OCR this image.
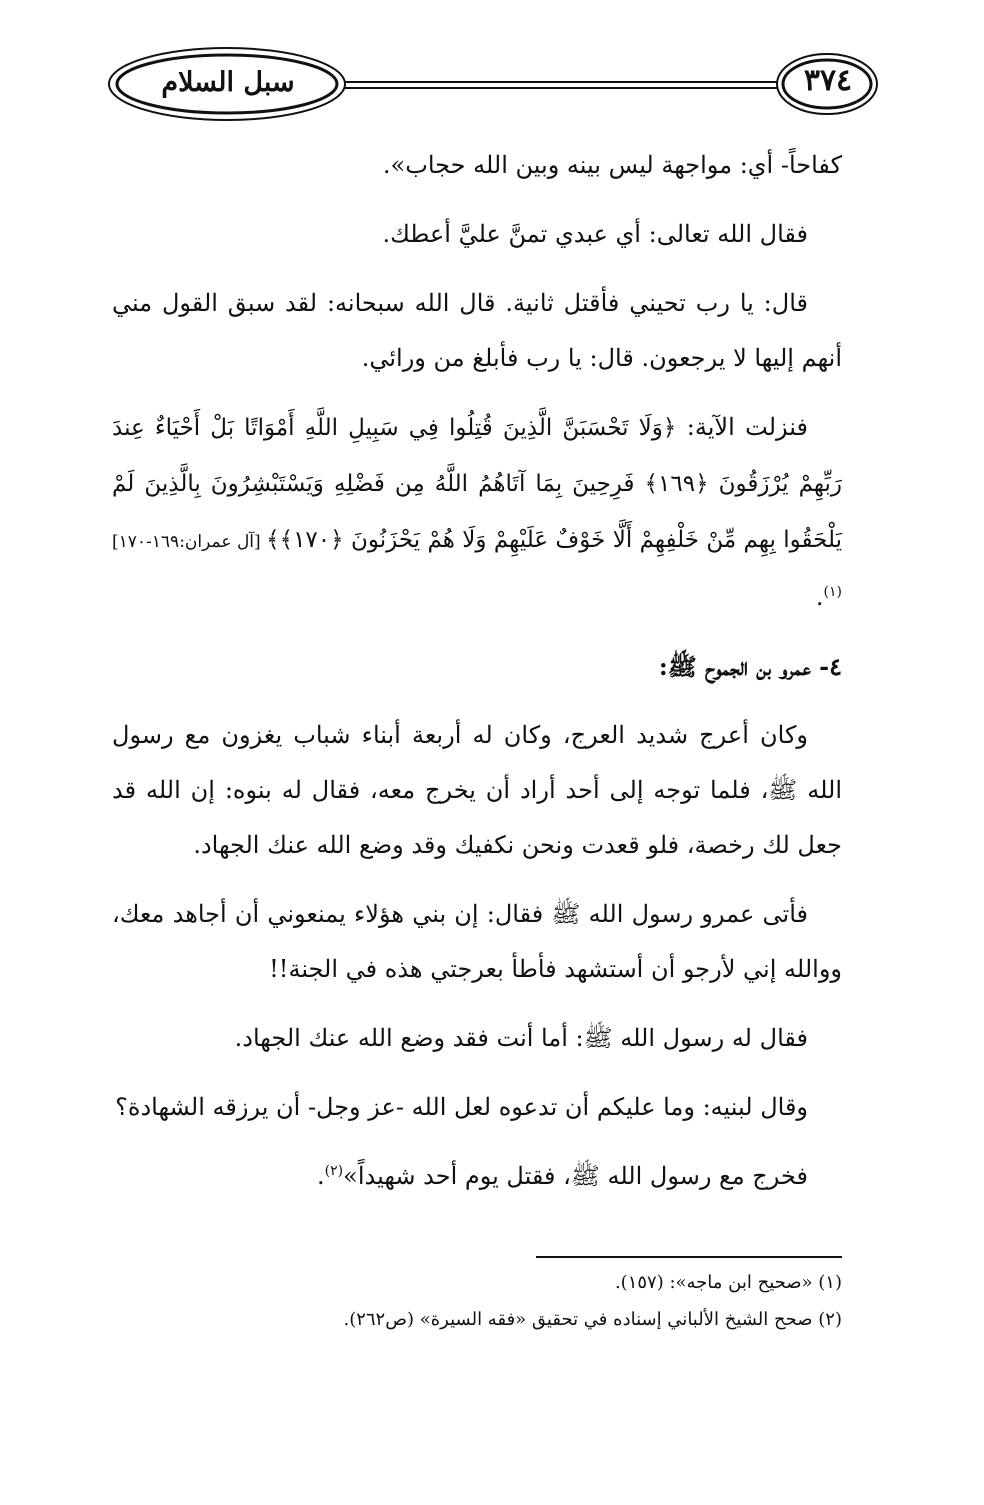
٣٧٤
سبل السلام

كفاحاً- أي: مواجهة ليس بينه وبين الله حجاب».

فقال الله تعالى: أي عبدي تمنَّ عليَّ أعطك.

قال: يا رب تحيني فأقتل ثانية. قال الله سبحانه: لقد سبق القول مني أنهم إليها لا يرجعون. قال: يا رب فأبلغ من ورائي.

فنزلت الآية: ﴿وَلَا تَحْسَبَنَّ الَّذِينَ قُتِلُوا فِي سَبِيلِ اللَّهِ أَمْوَاتًا بَلْ أَحْيَاءٌ عِندَ رَبِّهِمْ يُرْزَقُونَ ﴿١٦٩﴾ فَرِحِينَ بِمَا آتَاهُمُ اللَّهُ مِن فَضْلِهِ وَيَسْتَبْشِرُونَ بِالَّذِينَ لَمْ يَلْحَقُوا بِهِم مِّنْ خَلْفِهِمْ أَلَّا خَوْفٌ عَلَيْهِمْ وَلَا هُمْ يَحْزَنُونَ ﴿١٧٠﴾﴾ [آل عمران:١٦٩-١٧٠] $^{(١)}$.

٤- عمرو بن الجموح ﷺ:

وكان أعرج شديد العرج، وكان له أربعة أبناء شباب يغزون مع رسول الله ﷺ، فلما توجه إلى أحد أراد أن يخرج معه، فقال له بنوه: إن الله قد جعل لك رخصة، فلو قعدت ونحن نكفيك وقد وضع الله عنك الجهاد.

فأتى عمرو رسول الله ﷺ فقال: إن بني هؤلاء يمنعوني أن أجاهد معك، ووالله إني لأرجو أن أستشهد فأطأ بعرجتي هذه في الجنة!!

فقال له رسول الله ﷺ: أما أنت فقد وضع الله عنك الجهاد.

وقال لبنيه: وما عليكم أن تدعوه لعل الله -عز وجل- أن يرزقه الشهادة؟

فخرج مع رسول الله ﷺ، فقتل يوم أحد شهيداً»$^{(٢)}$.

(١) «صحيح ابن ماجه»: (١٥٧).

(٢) صحح الشيخ الألباني إسناده في تحقيق «فقه السيرة» (ص٢٦٢).
